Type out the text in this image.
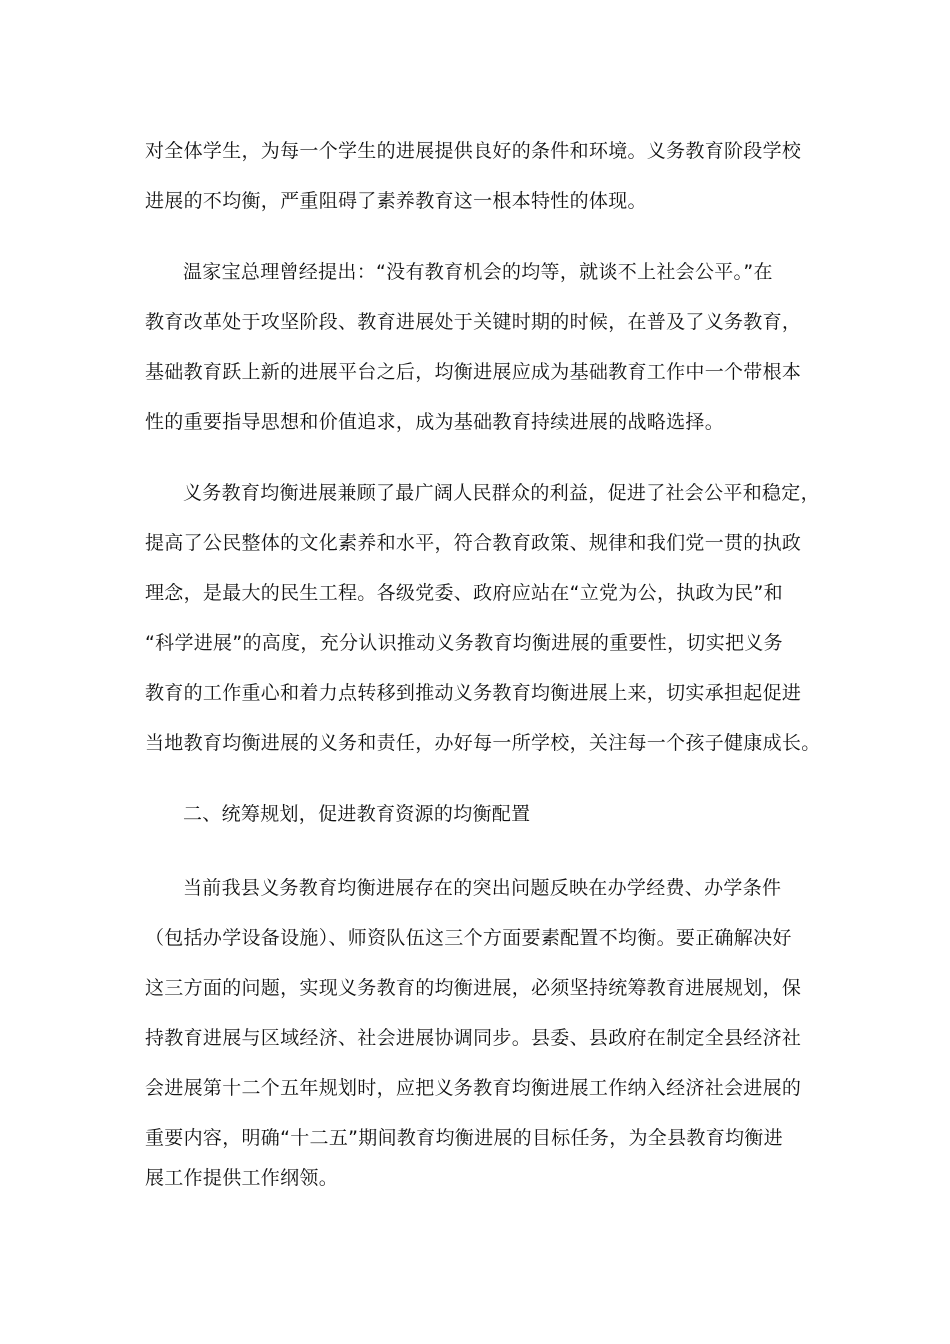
对全体学生，为每一个学生的进展提供良好的条件和环境。义务教育阶段学校
进展的不均衡，严重阻碍了素养教育这一根本特性的体现。
温家宝总理曾经提出：“没有教育机会的均等，就谈不上社会公平。”在
教育改革处于攻坚阶段、教育进展处于关键时期的时候，在普及了义务教育，
基础教育跃上新的进展平台之后，均衡进展应成为基础教育工作中一个带根本
性的重要指导思想和价值追求，成为基础教育持续进展的战略选择。
义务教育均衡进展兼顾了最广阔人民群众的利益，促进了社会公平和稳定，
提高了公民整体的文化素养和水平，符合教育政策、规律和我们党一贯的执政
理念，是最大的民生工程。各级党委、政府应站在“立党为公，执政为民”和
“科学进展”的高度，充分认识推动义务教育均衡进展的重要性，切实把义务
教育的工作重心和着力点转移到推动义务教育均衡进展上来，切实承担起促进
当地教育均衡进展的义务和责任，办好每一所学校，关注每一个孩子健康成长。
二、统筹规划，促进教育资源的均衡配置
当前我县义务教育均衡进展存在的突出问题反映在办学经费、办学条件
（包括办学设备设施）、师资队伍这三个方面要素配置不均衡。要正确解决好
这三方面的问题，实现义务教育的均衡进展，必须坚持统筹教育进展规划，保
持教育进展与区域经济、社会进展协调同步。县委、县政府在制定全县经济社
会进展第十二个五年规划时，应把义务教育均衡进展工作纳入经济社会进展的
重要内容，明确“十二五”期间教育均衡进展的目标任务，为全县教育均衡进
展工作提供工作纲领。
